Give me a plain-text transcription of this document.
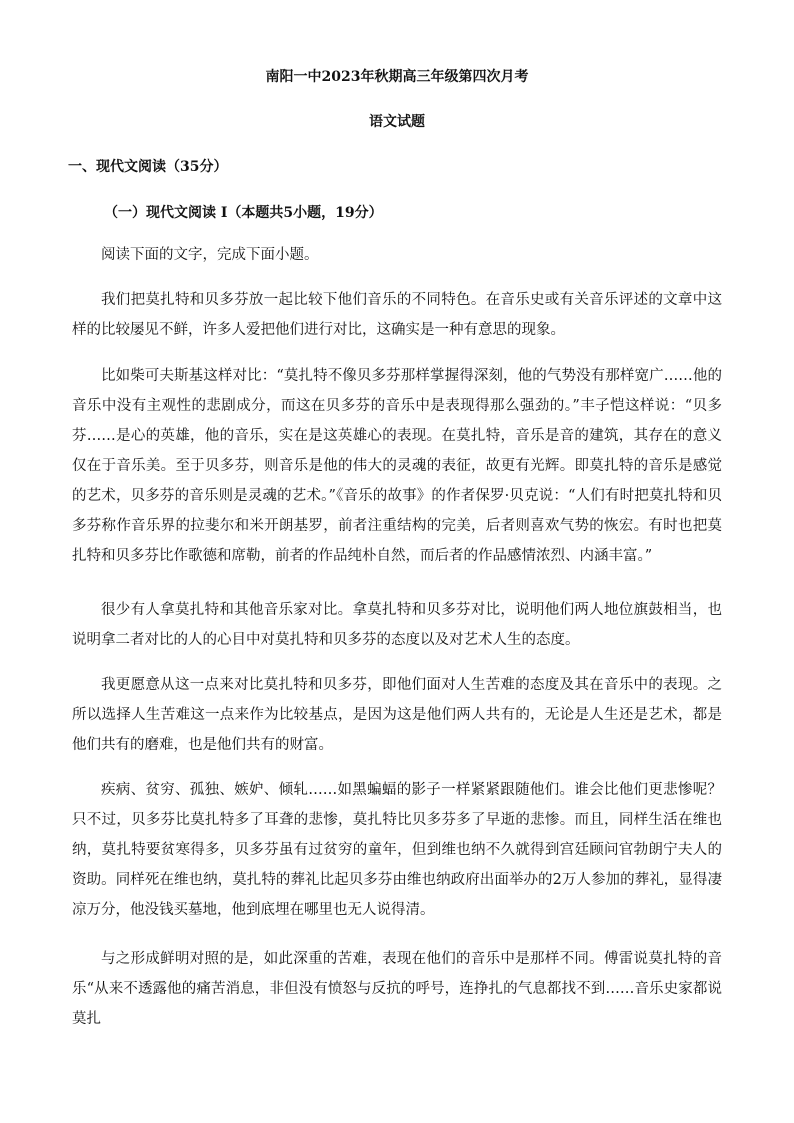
南阳一中2023年秋期高三年级第四次月考
语文试题
一、现代文阅读（35分）
（一）现代文阅读 I（本题共5小题，19分）

阅读下面的文字，完成下面小题。

我们把莫扎特和贝多芬放一起比较下他们音乐的不同特色。在音乐史或有关音乐评述的文章中这样的比较屡见不鲜，许多人爱把他们进行对比，这确实是一种有意思的现象。

比如柴可夫斯基这样对比：“莫扎特不像贝多芬那样掌握得深刻，他的气势没有那样宽广……他的音乐中没有主观性的悲剧成分，而这在贝多芬的音乐中是表现得那么强劲的。”丰子恺这样说：“贝多芬……是心的英雄，他的音乐，实在是这英雄心的表现。在莫扎特，音乐是音的建筑，其存在的意义仅在于音乐美。至于贝多芬，则音乐是他的伟大的灵魂的表征，故更有光辉。即莫扎特的音乐是感觉的艺术，贝多芬的音乐则是灵魂的艺术。”《音乐的故事》的作者保罗·贝克说：“人们有时把莫扎特和贝多芬称作音乐界的拉斐尔和米开朗基罗，前者注重结构的完美，后者则喜欢气势的恢宏。有时也把莫扎特和贝多芬比作歌德和席勒，前者的作品纯朴自然，而后者的作品感情浓烈、内涵丰富。”

很少有人拿莫扎特和其他音乐家对比。拿莫扎特和贝多芬对比，说明他们两人地位旗鼓相当，也说明拿二者对比的人的心目中对莫扎特和贝多芬的态度以及对艺术人生的态度。

我更愿意从这一点来对比莫扎特和贝多芬，即他们面对人生苦难的态度及其在音乐中的表现。之所以选择人生苦难这一点来作为比较基点，是因为这是他们两人共有的，无论是人生还是艺术，都是他们共有的磨难，也是他们共有的财富。

疾病、贫穷、孤独、嫉妒、倾轧……如黑蝙蝠的影子一样紧紧跟随他们。谁会比他们更悲惨呢？只不过，贝多芬比莫扎特多了耳聋的悲惨，莫扎特比贝多芬多了早逝的悲惨。而且，同样生活在维也纳，莫扎特要贫寒得多，贝多芬虽有过贫穷的童年，但到维也纳不久就得到宫廷顾问官勃朗宁夫人的资助。同样死在维也纳，莫扎特的葬礼比起贝多芬由维也纳政府出面举办的2万人参加的葬礼，显得凄凉万分，他没钱买墓地，他到底埋在哪里也无人说得清。

与之形成鲜明对照的是，如此深重的苦难，表现在他们的音乐中是那样不同。傅雷说莫扎特的音乐“从来不透露他的痛苦消息，非但没有愤怒与反抗的呼号，连挣扎的气息都找不到……音乐史家都说莫扎
